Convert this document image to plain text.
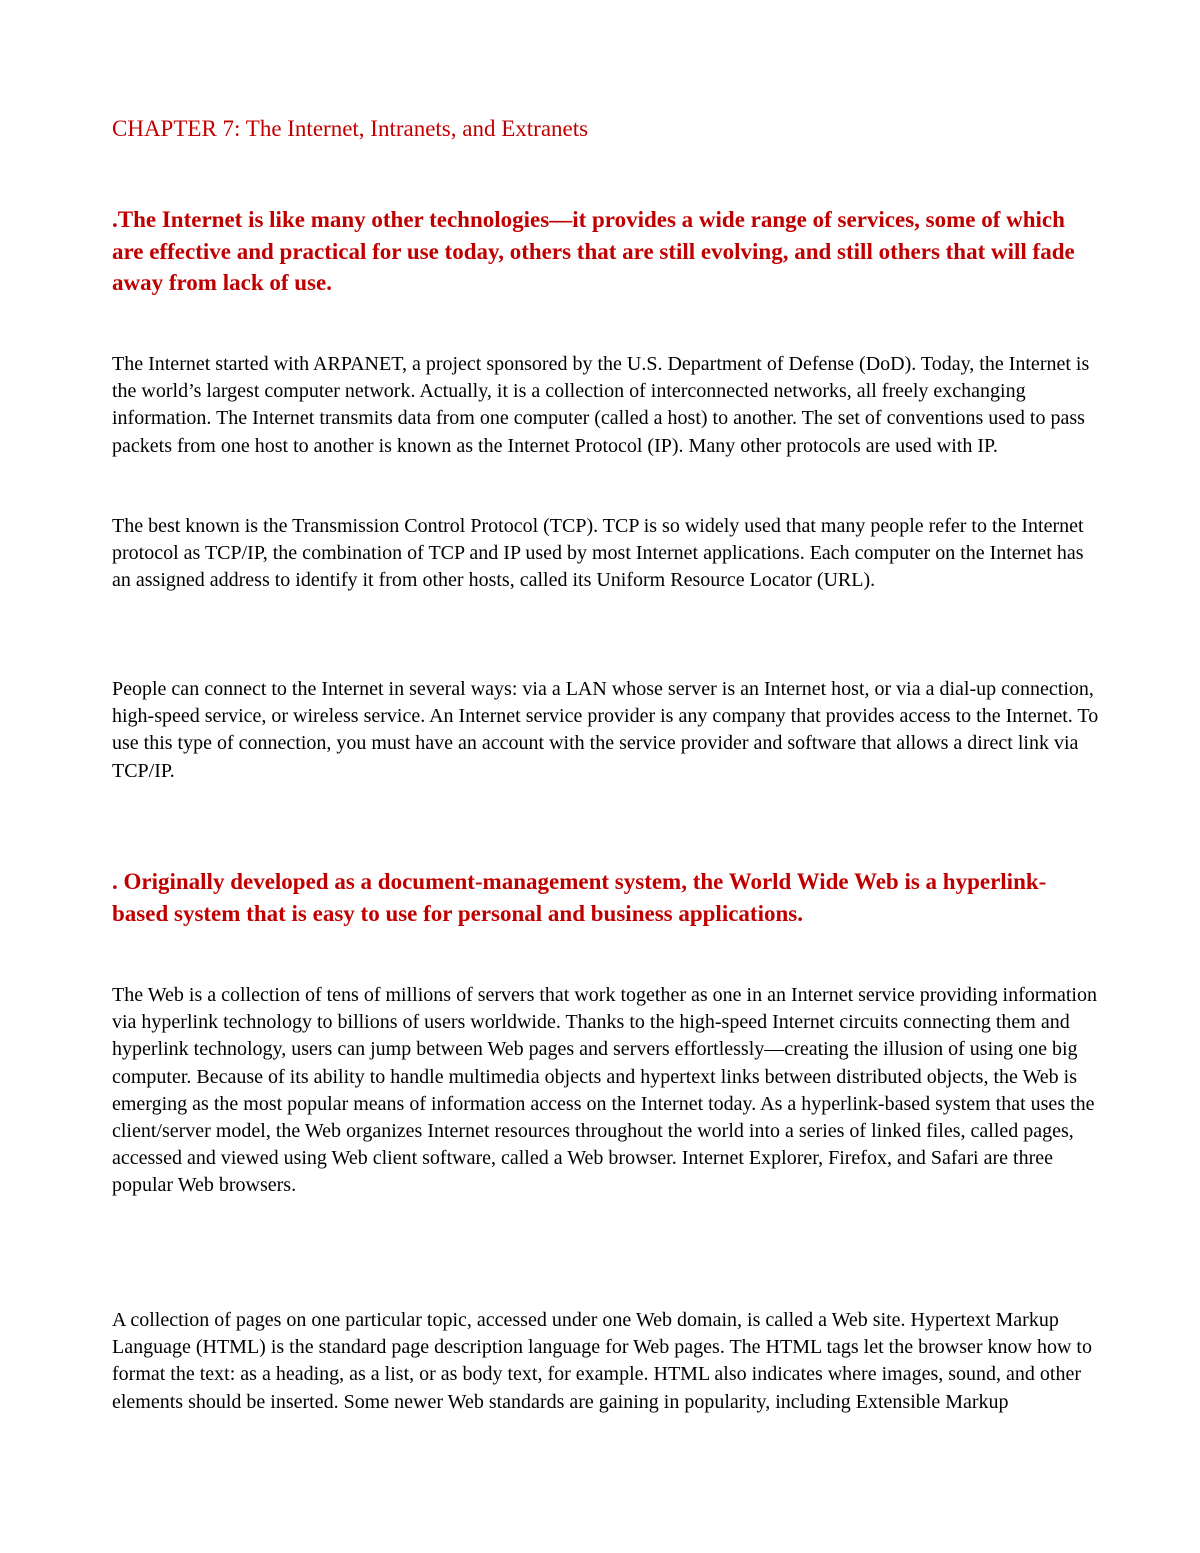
CHAPTER 7: The Internet, Intranets, and Extranets

.The Internet is like many other technologies—it provides a wide range of services, some of which are effective and practical for use today, others that are still evolving, and still others that will fade away from lack of use.

The Internet started with ARPANET, a project sponsored by the U.S. Department of Defense (DoD). Today, the Internet is the world’s largest computer network. Actually, it is a collection of interconnected networks, all freely exchanging information. The Internet transmits data from one computer (called a host) to another. The set of conventions used to pass packets from one host to another is known as the Internet Protocol (IP). Many other protocols are used with IP.

The best known is the Transmission Control Protocol (TCP). TCP is so widely used that many people refer to the Internet protocol as TCP/IP, the combination of TCP and IP used by most Internet applications. Each computer on the Internet has an assigned address to identify it from other hosts, called its Uniform Resource Locator (URL).

People can connect to the Internet in several ways: via a LAN whose server is an Internet host, or via a dial-up connection, high-speed service, or wireless service. An Internet service provider is any company that provides access to the Internet. To use this type of connection, you must have an account with the service provider and software that allows a direct link via TCP/IP.

. Originally developed as a document-management system, the World Wide Web is a hyperlink-based system that is easy to use for personal and business applications.

The Web is a collection of tens of millions of servers that work together as one in an Internet service providing information via hyperlink technology to billions of users worldwide. Thanks to the high-speed Internet circuits connecting them and hyperlink technology, users can jump between Web pages and servers effortlessly—creating the illusion of using one big computer. Because of its ability to handle multimedia objects and hypertext links between distributed objects, the Web is emerging as the most popular means of information access on the Internet today. As a hyperlink-based system that uses the client/server model, the Web organizes Internet resources throughout the world into a series of linked files, called pages, accessed and viewed using Web client software, called a Web browser. Internet Explorer, Firefox, and Safari are three popular Web browsers.

A collection of pages on one particular topic, accessed under one Web domain, is called a Web site. Hypertext Markup Language (HTML) is the standard page description language for Web pages. The HTML tags let the browser know how to format the text: as a heading, as a list, or as body text, for example. HTML also indicates where images, sound, and other elements should be inserted. Some newer Web standards are gaining in popularity, including Extensible Markup
